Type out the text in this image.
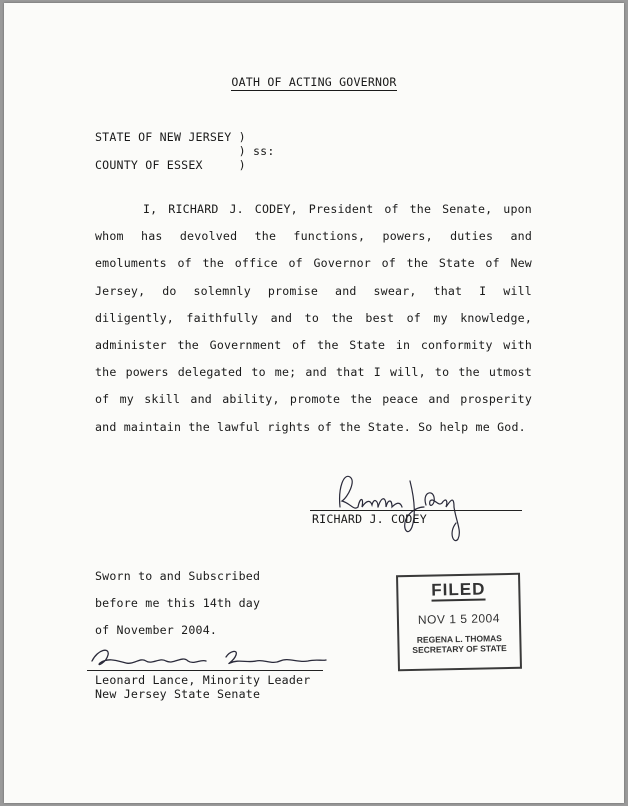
OATH OF ACTING GOVERNOR
STATE OF NEW JERSEY )
) ss:
COUNTY OF ESSEX     )
I, RICHARD J. CODEY, President of the Senate, upon whom has devolved the functions, powers, duties and emoluments of the office of Governor of the State of New Jersey, do solemnly promise and swear, that I will diligently, faithfully and to the best of my knowledge, administer the Government of the State in conformity with the powers delegated to me; and that I will, to the utmost of my skill and ability, promote the peace and prosperity and maintain the lawful rights of the State. So help me God.
RICHARD J. CODEY
Sworn to and Subscribed
before me this 14th day
of November 2004.
Leonard Lance, Minority Leader
New Jersey State Senate
FILED
NOV 1 5 2004
REGENA L. THOMAS
SECRETARY OF STATE
